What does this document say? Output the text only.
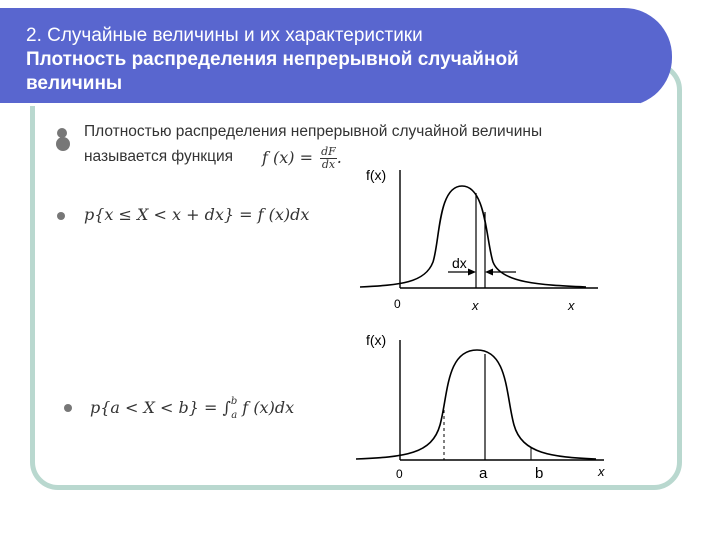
2. Случайные величины и их характеристики
Плотность распределения непрерывной случайной
величины
Плотностью распределения непрерывной случайной величины
называется функция f $(x) = \frac{dF}{dx}$ .
p{x ≤ X < x + dx} = f (x)dx
p{a < X < b} = ∫$^b_a$ f (x)dx
f(x)
dx
0	x	x
f(x)
0	a	b	x
